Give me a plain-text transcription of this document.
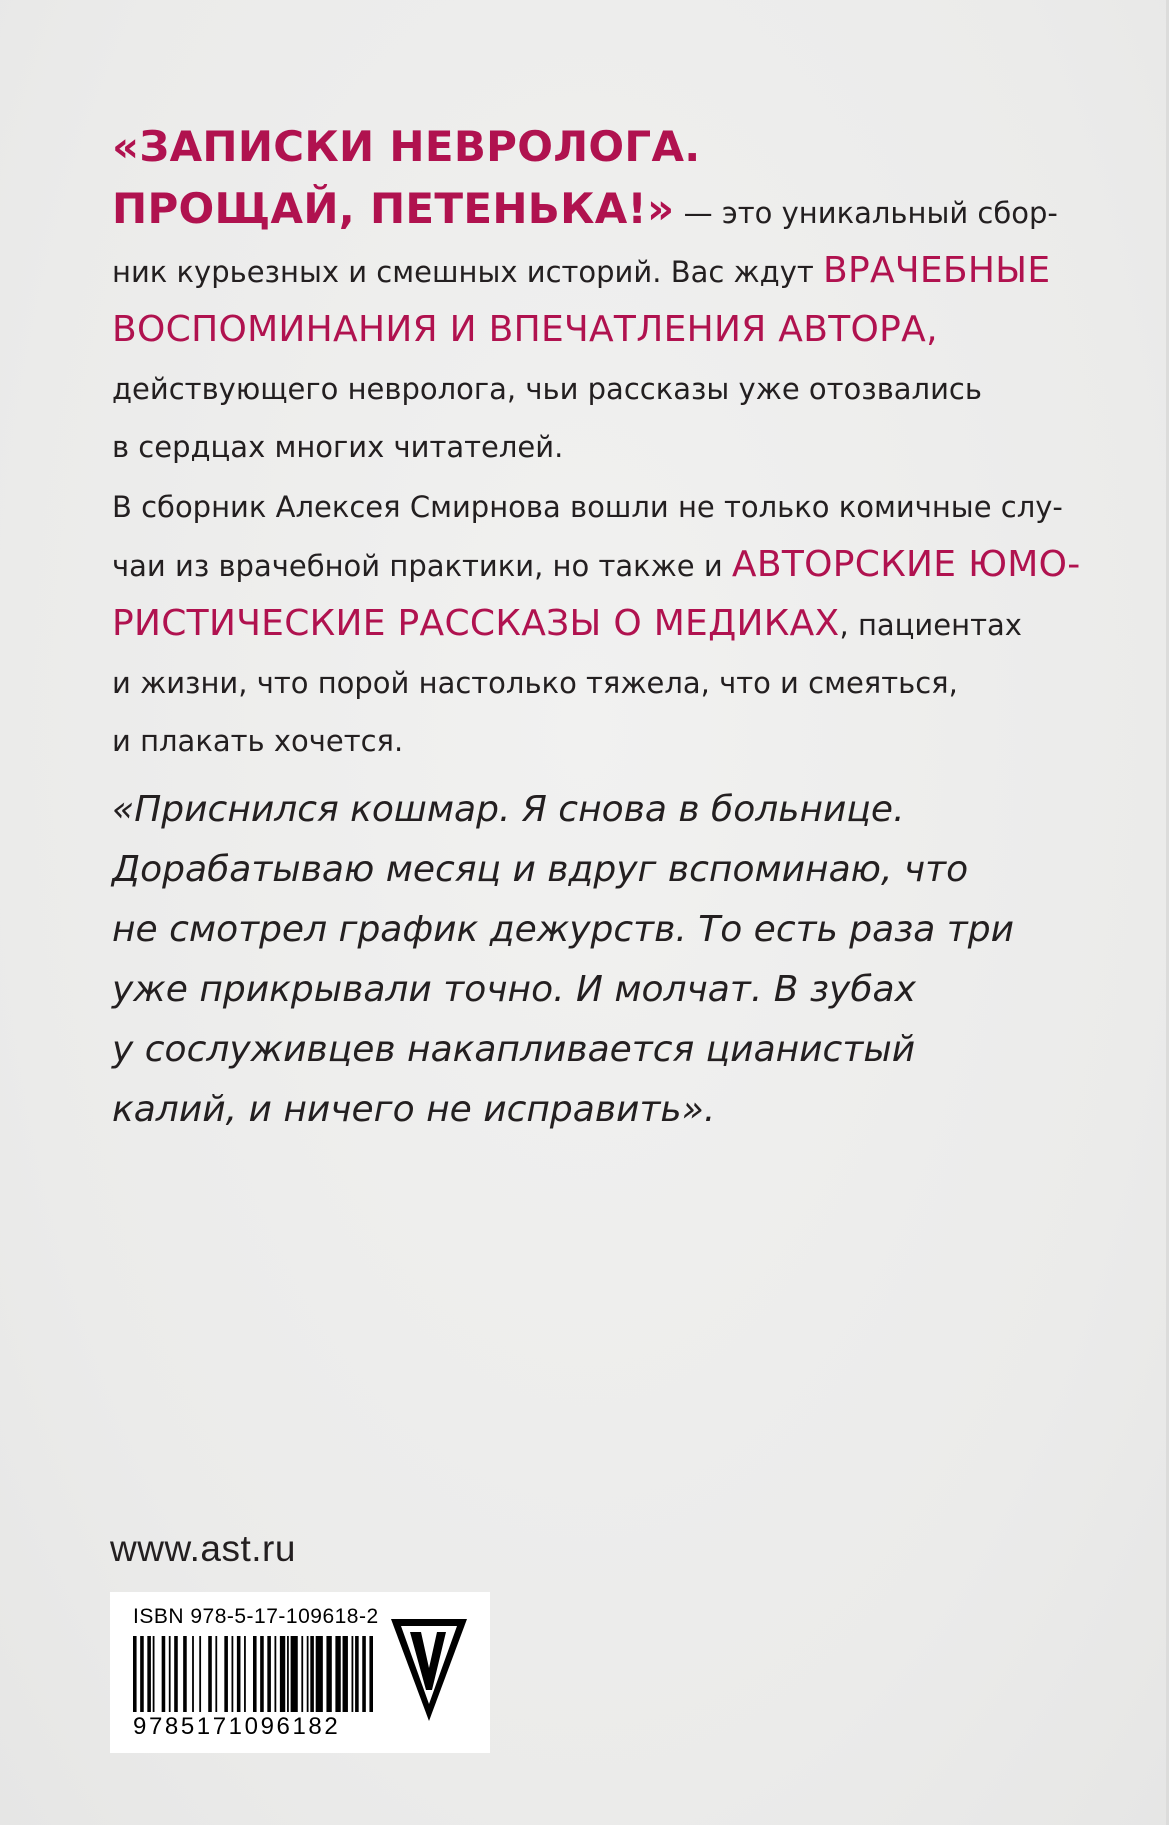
«ЗАПИСКИ НЕВРОЛОГА.
ПРОЩАЙ, ПЕТЕНЬКА!» — это уникальный сбор-
ник курьезных и смешных историй. Вас ждут ВРАЧЕБНЫЕ
ВОСПОМИНАНИЯ И ВПЕЧАТЛЕНИЯ АВТОРА,
действующего невролога, чьи рассказы уже отозвались
в сердцах многих читателей.

В сборник Алексея Смирнова вошли не только комичные слу-
чаи из врачебной практики, но также и АВТОРСКИЕ ЮМО-
РИСТИЧЕСКИЕ РАССКАЗЫ О МЕДИКАХ, пациентах
и жизни, что порой настолько тяжела, что и смеяться,
и плакать хочется.

«Приснился кошмар. Я снова в больнице.
Дорабатываю месяц и вдруг вспоминаю, что
не смотрел график дежурств. То есть раза три
уже прикрывали точно. И молчат. В зубах
у сослуживцев накапливается цианистый
калий, и ничего не исправить».

www.ast.ru
ISBN 978-5-17-109618-2
9785171096182
